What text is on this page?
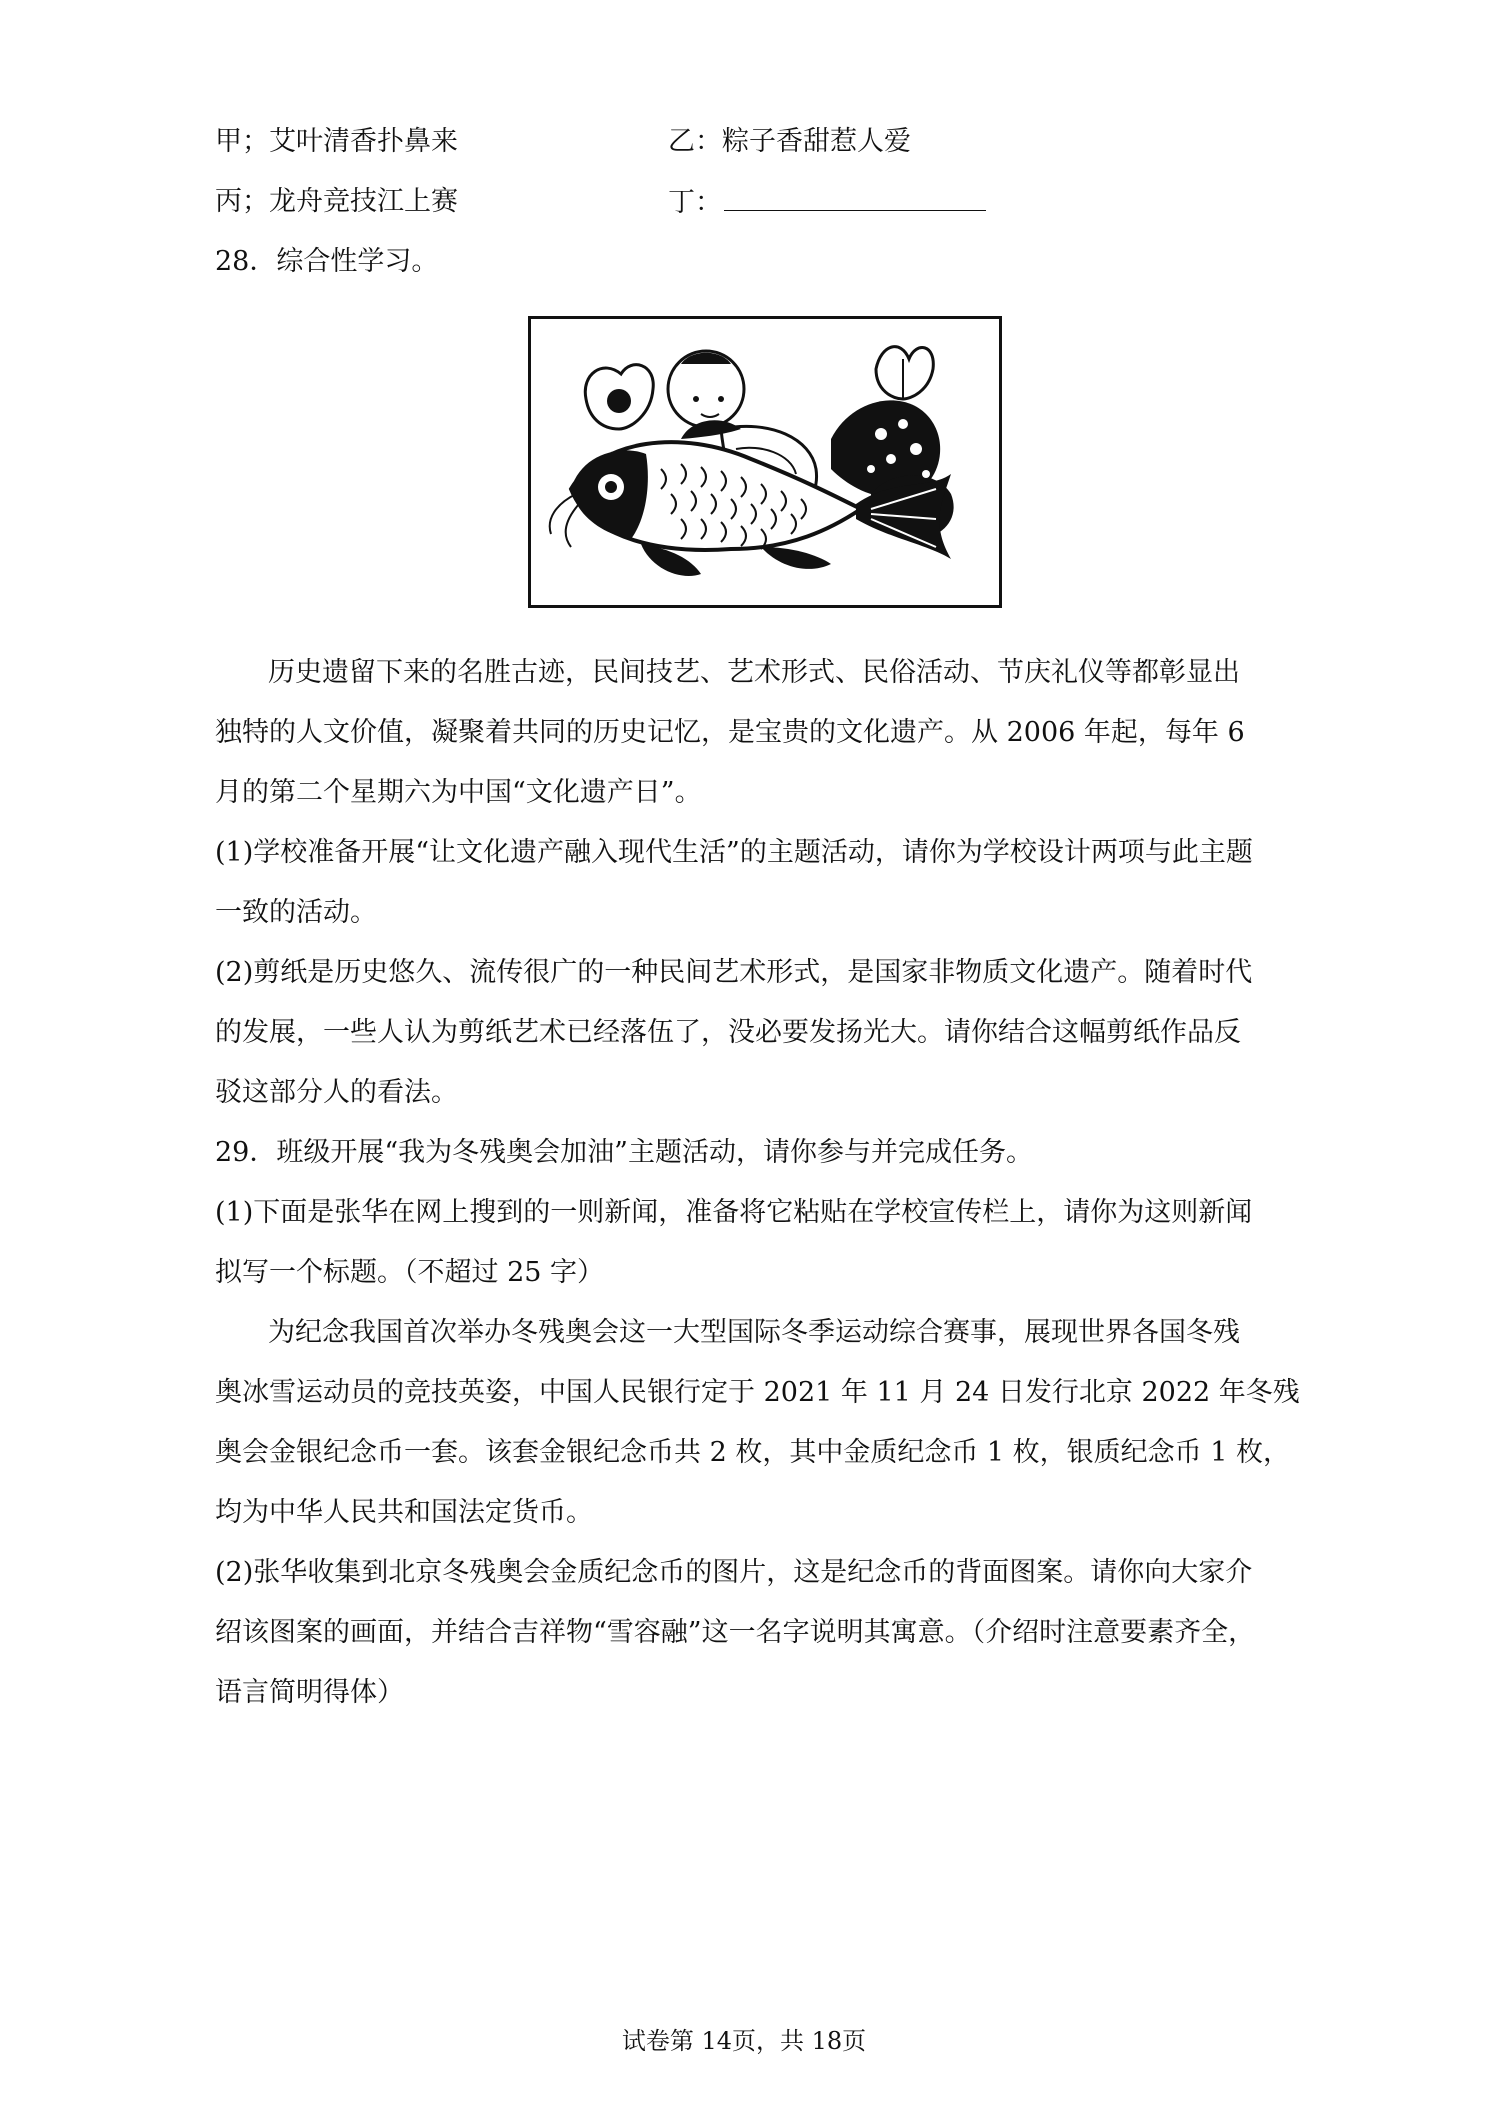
甲；艾叶清香扑鼻来	乙：粽子香甜惹人爱
丙；龙舟竞技江上赛	丁：
28．综合性学习。
历史遗留下来的名胜古迹，民间技艺、艺术形式、民俗活动、节庆礼仪等都彰显出
独特的人文价值，凝聚着共同的历史记忆，是宝贵的文化遗产。从 2006 年起，每年 6
月的第二个星期六为中国“文化遗产日”。
(1)学校准备开展“让文化遗产融入现代生活”的主题活动，请你为学校设计两项与此主题
一致的活动。
(2)剪纸是历史悠久、流传很广的一种民间艺术形式，是国家非物质文化遗产。随着时代
的发展，一些人认为剪纸艺术已经落伍了，没必要发扬光大。请你结合这幅剪纸作品反
驳这部分人的看法。
29．班级开展“我为冬残奥会加油”主题活动，请你参与并完成任务。
(1)下面是张华在网上搜到的一则新闻，准备将它粘贴在学校宣传栏上，请你为这则新闻
拟写一个标题。（不超过 25 字）
为纪念我国首次举办冬残奥会这一大型国际冬季运动综合赛事，展现世界各国冬残
奥冰雪运动员的竞技英姿，中国人民银行定于 2021 年 11 月 24 日发行北京 2022 年冬残
奥会金银纪念币一套。该套金银纪念币共 2 枚，其中金质纪念币 1 枚，银质纪念币 1 枚，
均为中华人民共和国法定货币。
(2)张华收集到北京冬残奥会金质纪念币的图片，这是纪念币的背面图案。请你向大家介
绍该图案的画面，并结合吉祥物“雪容融”这一名字说明其寓意。（介绍时注意要素齐全，
语言简明得体）
试卷第 14页，共 18页
